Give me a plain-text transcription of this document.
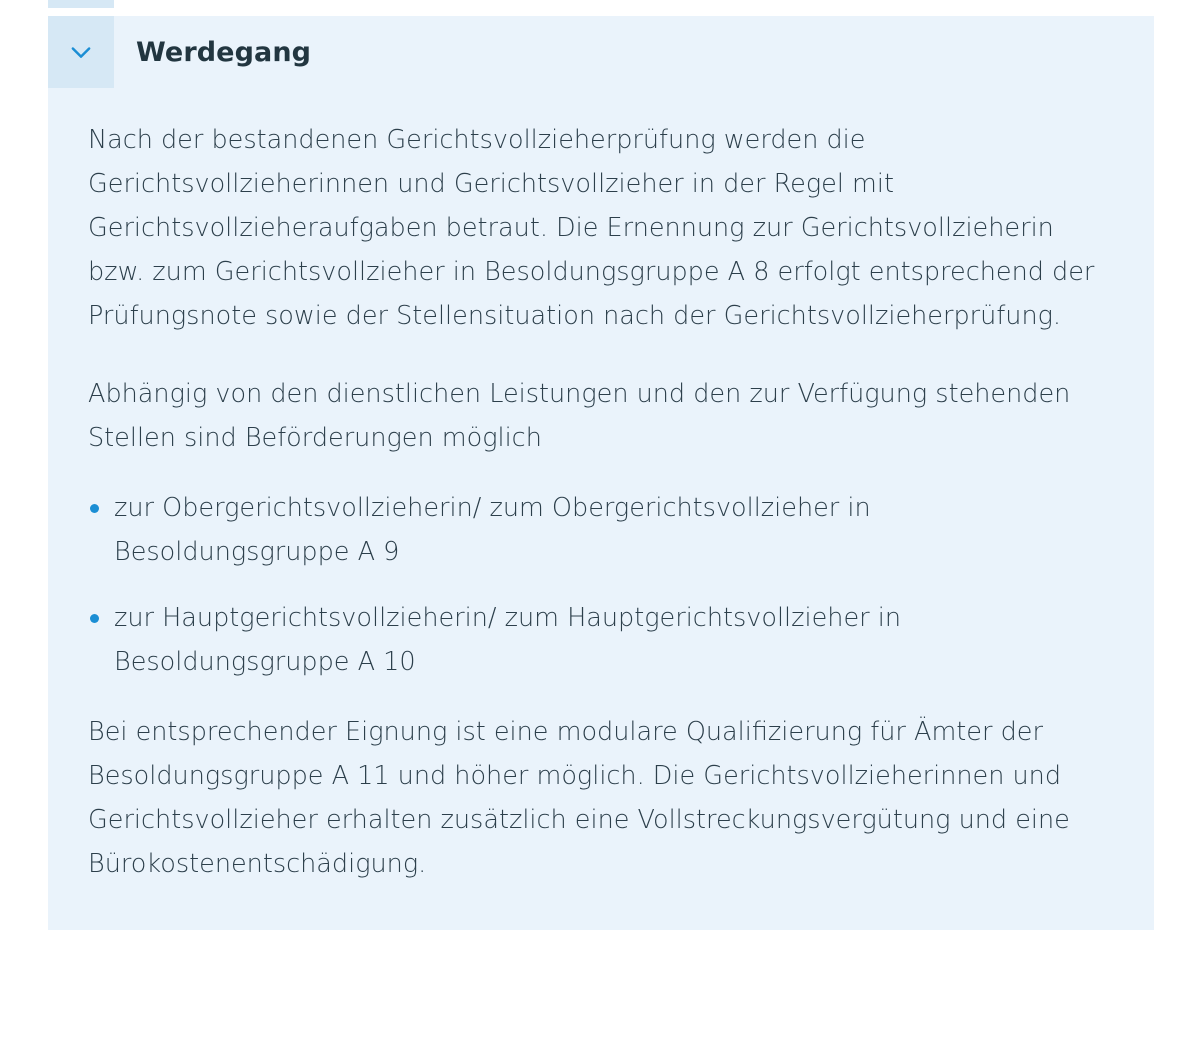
Werdegang

Nach der bestandenen Gerichtsvollzieherprüfung werden die Gerichtsvollzieherinnen und Gerichtsvollzieher in der Regel mit Gerichtsvollzieheraufgaben betraut. Die Ernennung zur Gerichtsvollzieherin bzw. zum Gerichtsvollzieher in Besoldungsgruppe A 8 erfolgt entsprechend der Prüfungsnote sowie der Stellensituation nach der Gerichtsvollzieherprüfung.

Abhängig von den dienstlichen Leistungen und den zur Verfügung stehenden Stellen sind Beförderungen möglich

zur Obergerichtsvollzieherin/ zum Obergerichtsvollzieher in Besoldungsgruppe A 9
zur Hauptgerichtsvollzieherin/ zum Hauptgerichtsvollzieher in Besoldungsgruppe A 10

Bei entsprechender Eignung ist eine modulare Qualifizierung für Ämter der Besoldungsgruppe A 11 und höher möglich. Die Gerichtsvollzieherinnen und Gerichtsvollzieher erhalten zusätzlich eine Vollstreckungsvergütung und eine Bürokostenentschädigung.
